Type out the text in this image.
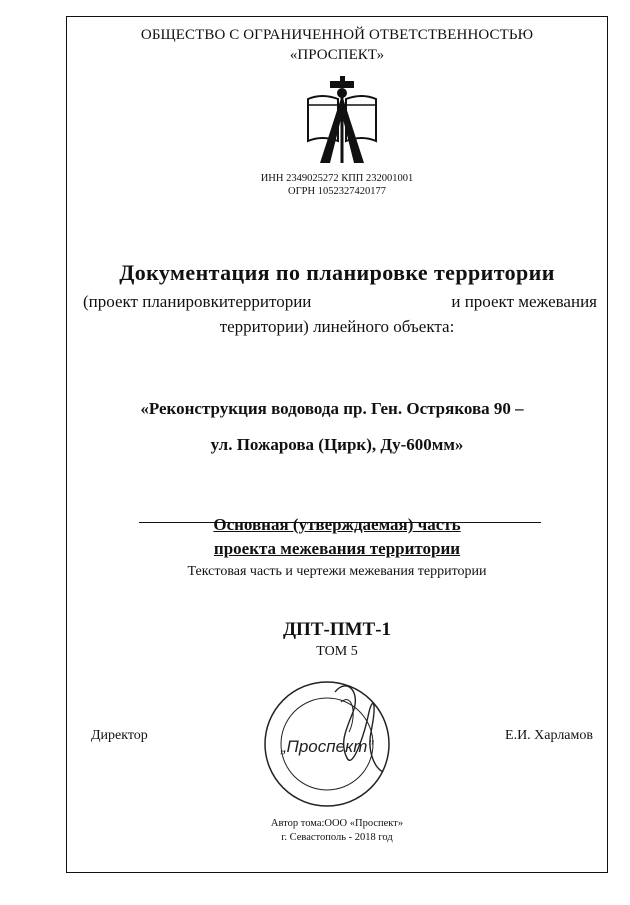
ОБЩЕСТВО С ОГРАНИЧЕННОЙ ОТВЕТСТВЕННОСТЬЮ
«ПРОСПЕКТ»
ИНН 2349025272 КПП 232001001
ОГРН 1052327420177
Документация по планировке территории
(проект планировкитерритории	и проект межевания
территории) линейного объекта:
«Реконструкция водовода пр. Ген. Острякова 90 –
ул. Пожарова (Цирк), Ду-600мм»
Основная (утверждаемая) часть
проекта межевания территории
Текстовая часть и чертежи межевания территории
ДПТ-ПМТ-1
ТОМ 5
Директор	Е.И. Харламов
„Проспект”
Автор тома:ООО «Проспект»
г. Севастополь - 2018 год
